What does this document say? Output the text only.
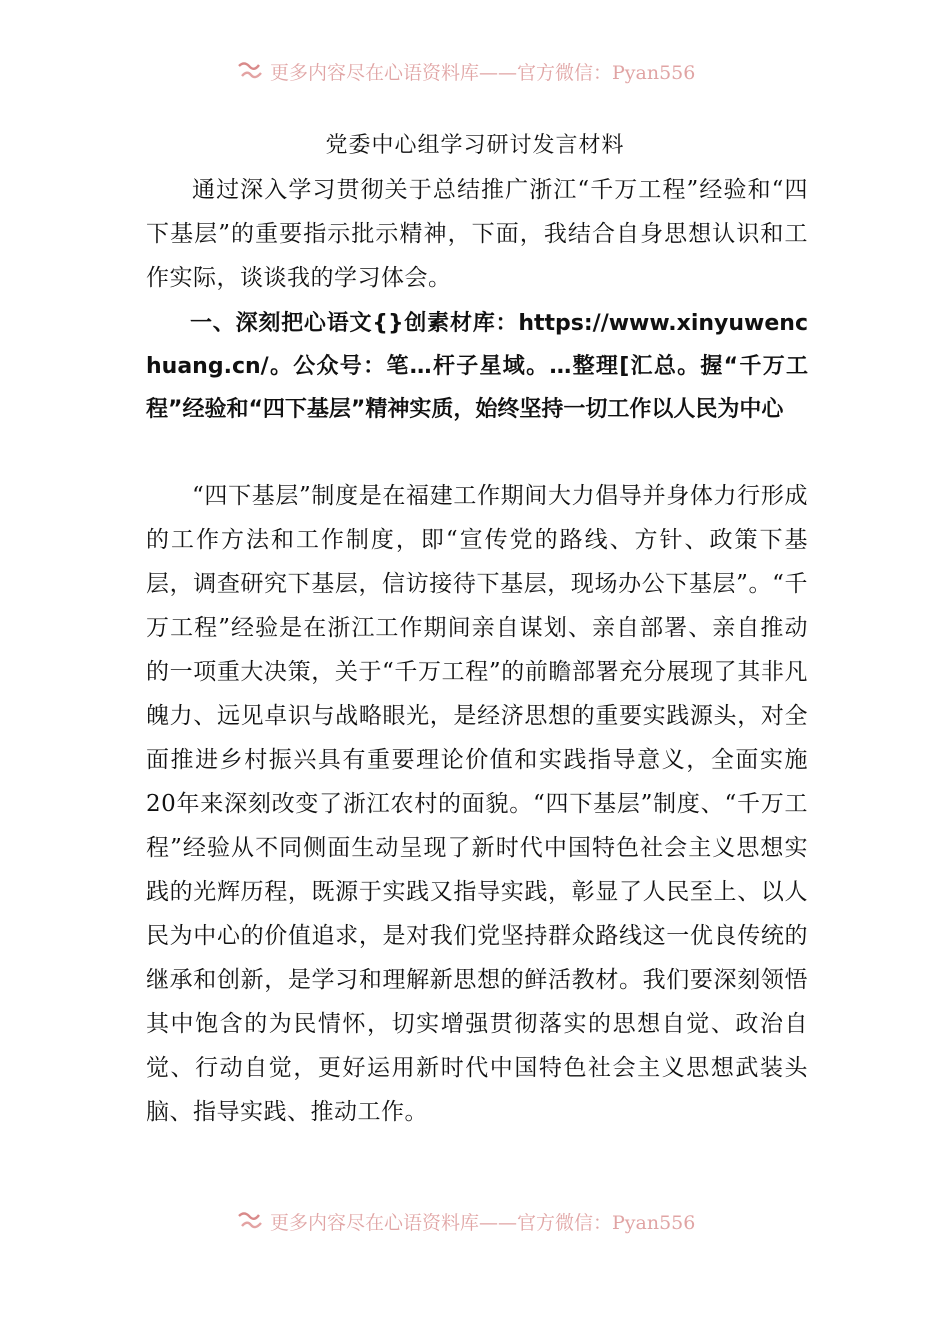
更多内容尽在心语资料库——官方微信：Pyan556
党委中心组学习研讨发言材料

通过深入学习贯彻关于总结推广浙江“千万工程”经验和“四下基层”的重要指示批示精神，下面，我结合自身思想认识和工作实际，谈谈我的学习体会。

一、深刻把心语文{}创素材库：https://www.xinyuwenchuang.cn/。公众号：笔…杆子星域。…整理[汇总。握“千万工程”经验和“四下基层”精神实质，始终坚持一切工作以人民为中心

“四下基层”制度是在福建工作期间大力倡导并身体力行形成的工作方法和工作制度，即“宣传党的路线、方针、政策下基层，调查研究下基层，信访接待下基层，现场办公下基层”。“千万工程”经验是在浙江工作期间亲自谋划、亲自部署、亲自推动的一项重大决策，关于“千万工程”的前瞻部署充分展现了其非凡魄力、远见卓识与战略眼光，是经济思想的重要实践源头，对全面推进乡村振兴具有重要理论价值和实践指导意义，全面实施20年来深刻改变了浙江农村的面貌。“四下基层”制度、“千万工程”经验从不同侧面生动呈现了新时代中国特色社会主义思想实践的光辉历程，既源于实践又指导实践，彰显了人民至上、以人民为中心的价值追求，是对我们党坚持群众路线这一优良传统的继承和创新，是学习和理解新思想的鲜活教材。我们要深刻领悟其中饱含的为民情怀，切实增强贯彻落实的思想自觉、政治自觉、行动自觉，更好运用新时代中国特色社会主义思想武装头脑、指导实践、推动工作。

更多内容尽在心语资料库——官方微信：Pyan556
